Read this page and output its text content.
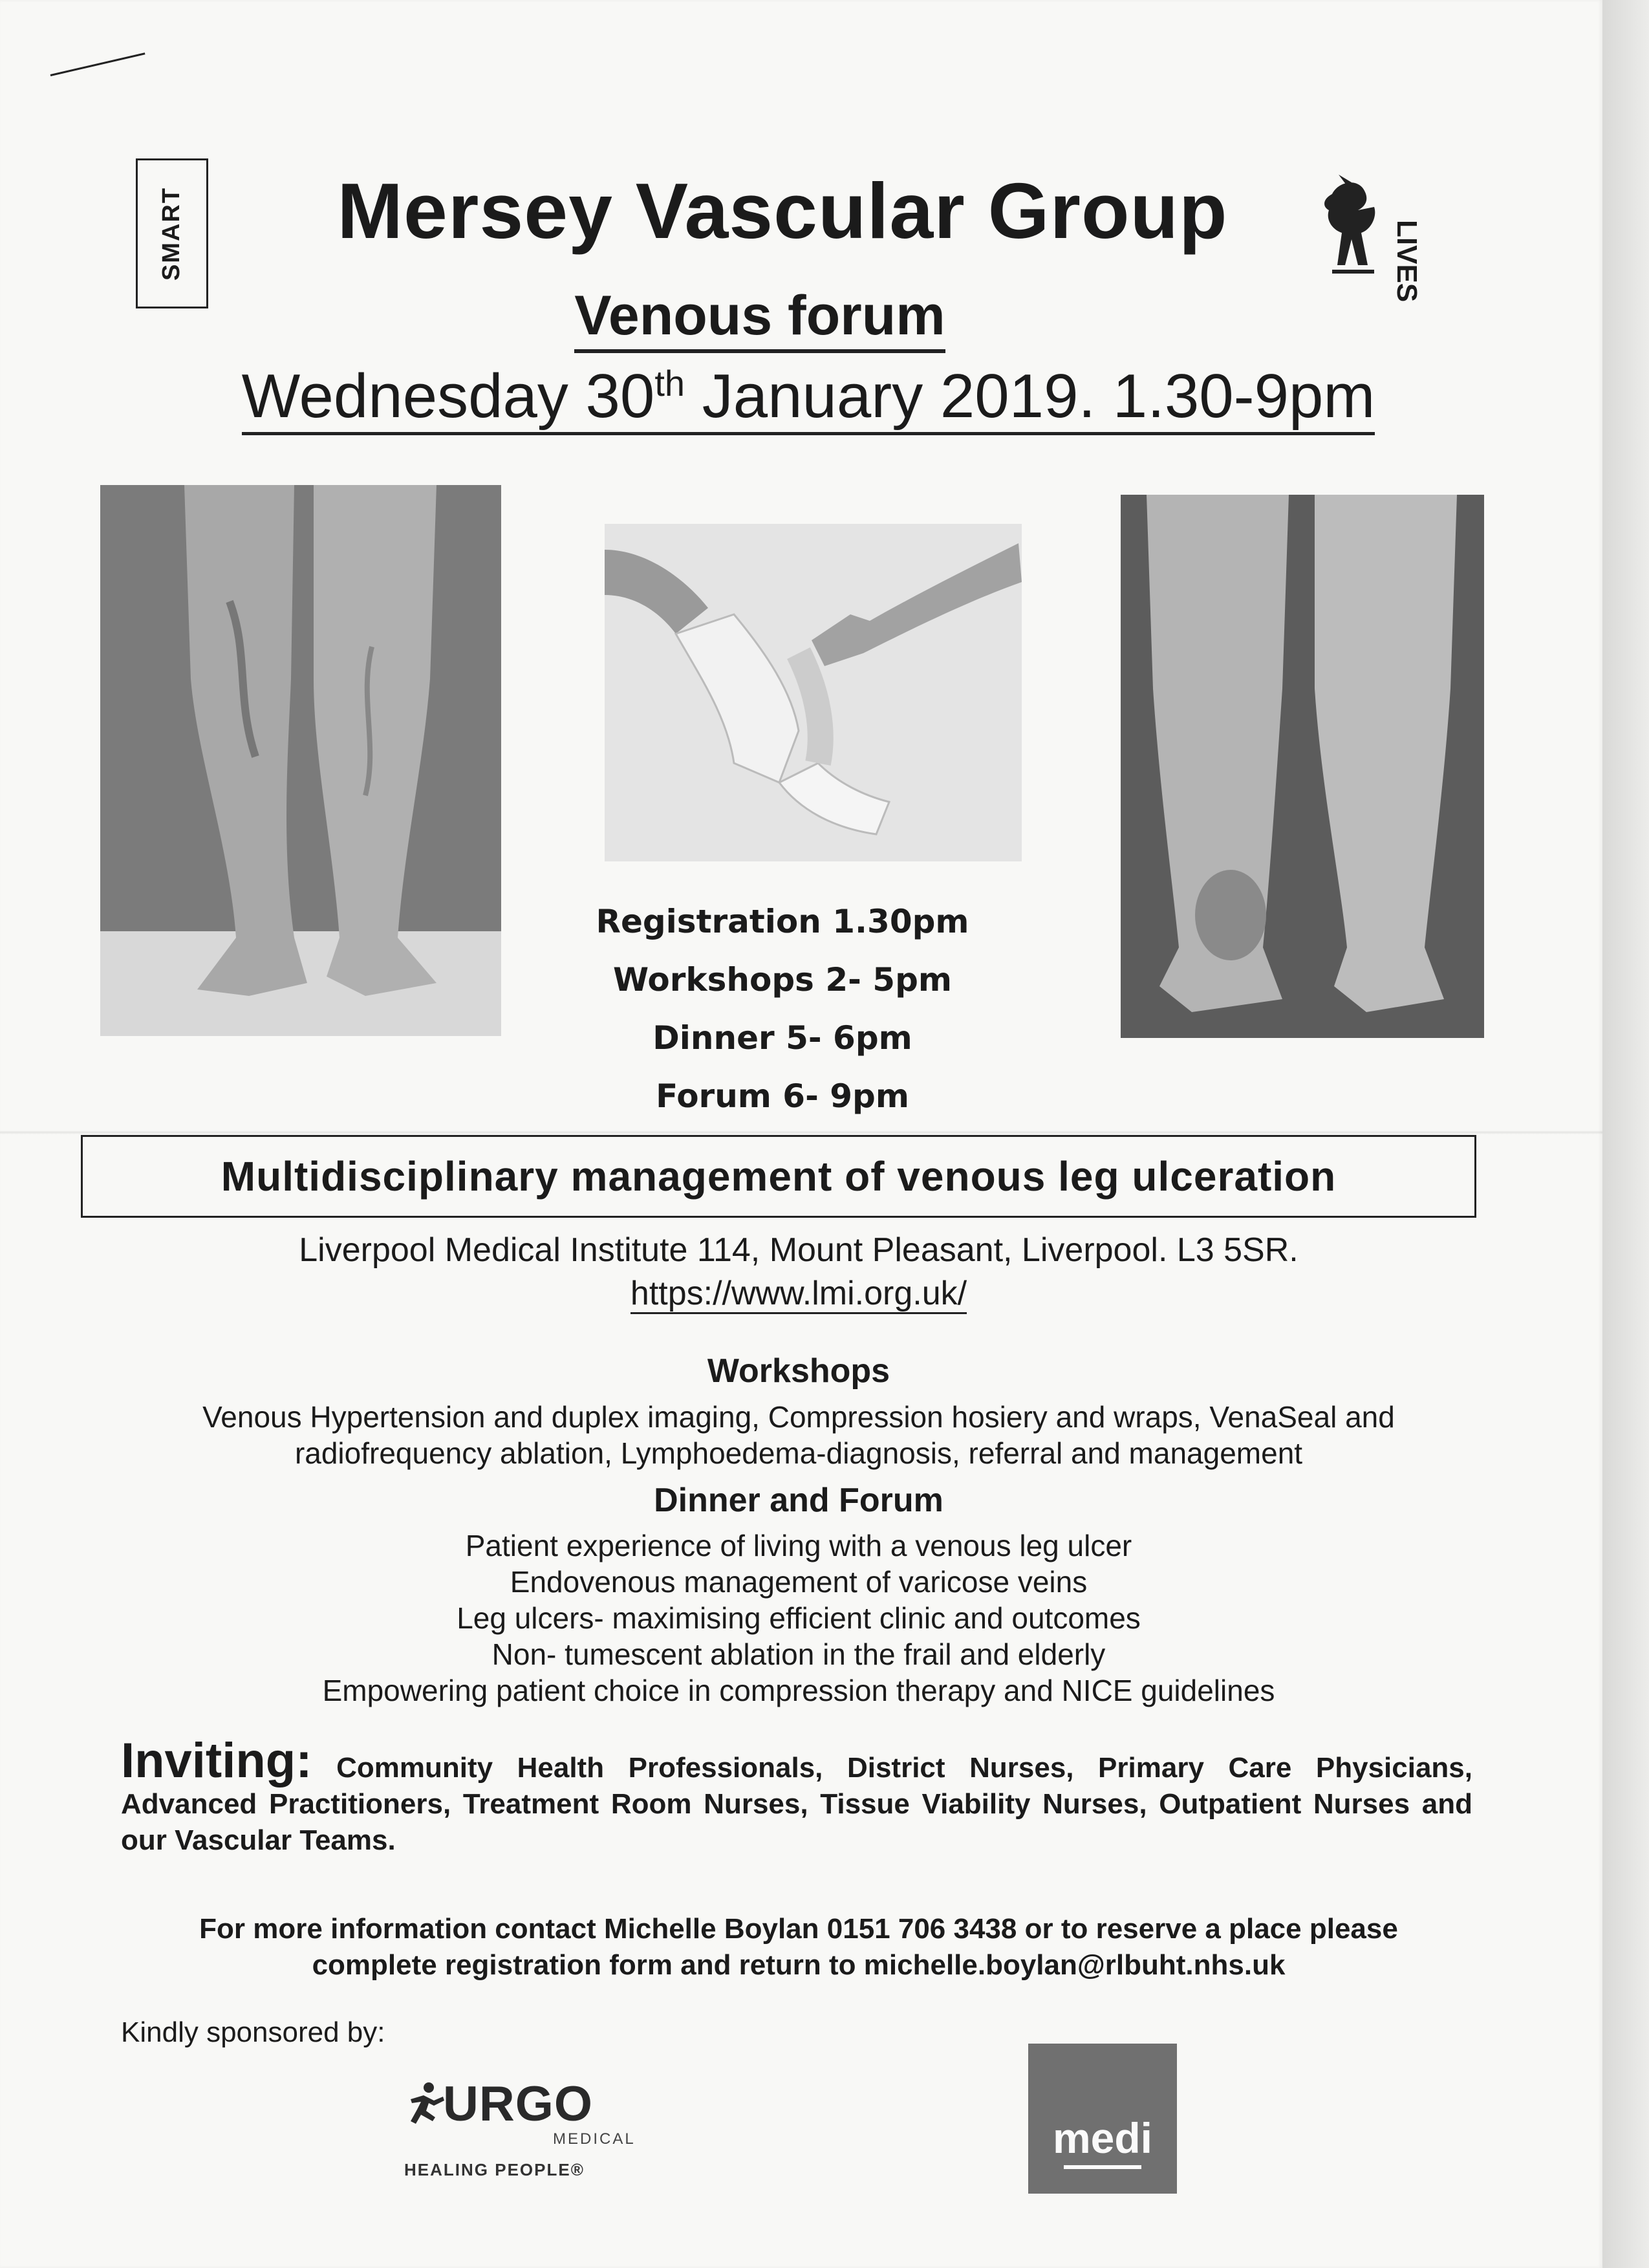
SMART	Mersey Vascular Group
LIVES
Venous forum
Wednesday 30th January 2019. 1.30-9pm
Registration 1.30pm
Workshops 2- 5pm
Dinner 5- 6pm
Forum 6- 9pm
Multidisciplinary management of venous leg ulceration
Liverpool Medical Institute 114, Mount Pleasant, Liverpool. L3 5SR.
https://www.lmi.org.uk/
Workshops
Venous Hypertension and duplex imaging, Compression hosiery and wraps, VenaSeal and radiofrequency ablation, Lymphoedema-diagnosis, referral and management
Dinner and Forum
Patient experience of living with a venous leg ulcer
Endovenous management of varicose veins
Leg ulcers- maximising efficient clinic and outcomes
Non- tumescent ablation in the frail and elderly
Empowering patient choice in compression therapy and NICE guidelines
Inviting: Community Health Professionals, District Nurses, Primary Care Physicians, Advanced Practitioners, Treatment Room Nurses, Tissue Viability Nurses, Outpatient Nurses and our Vascular Teams.
For more information contact Michelle Boylan 0151 706 3438 or to reserve a place please
complete registration form and return to michelle.boylan@rlbuht.nhs.uk
Kindly sponsored by:
URGO
MEDICAL
HEALING PEOPLE®
medi
